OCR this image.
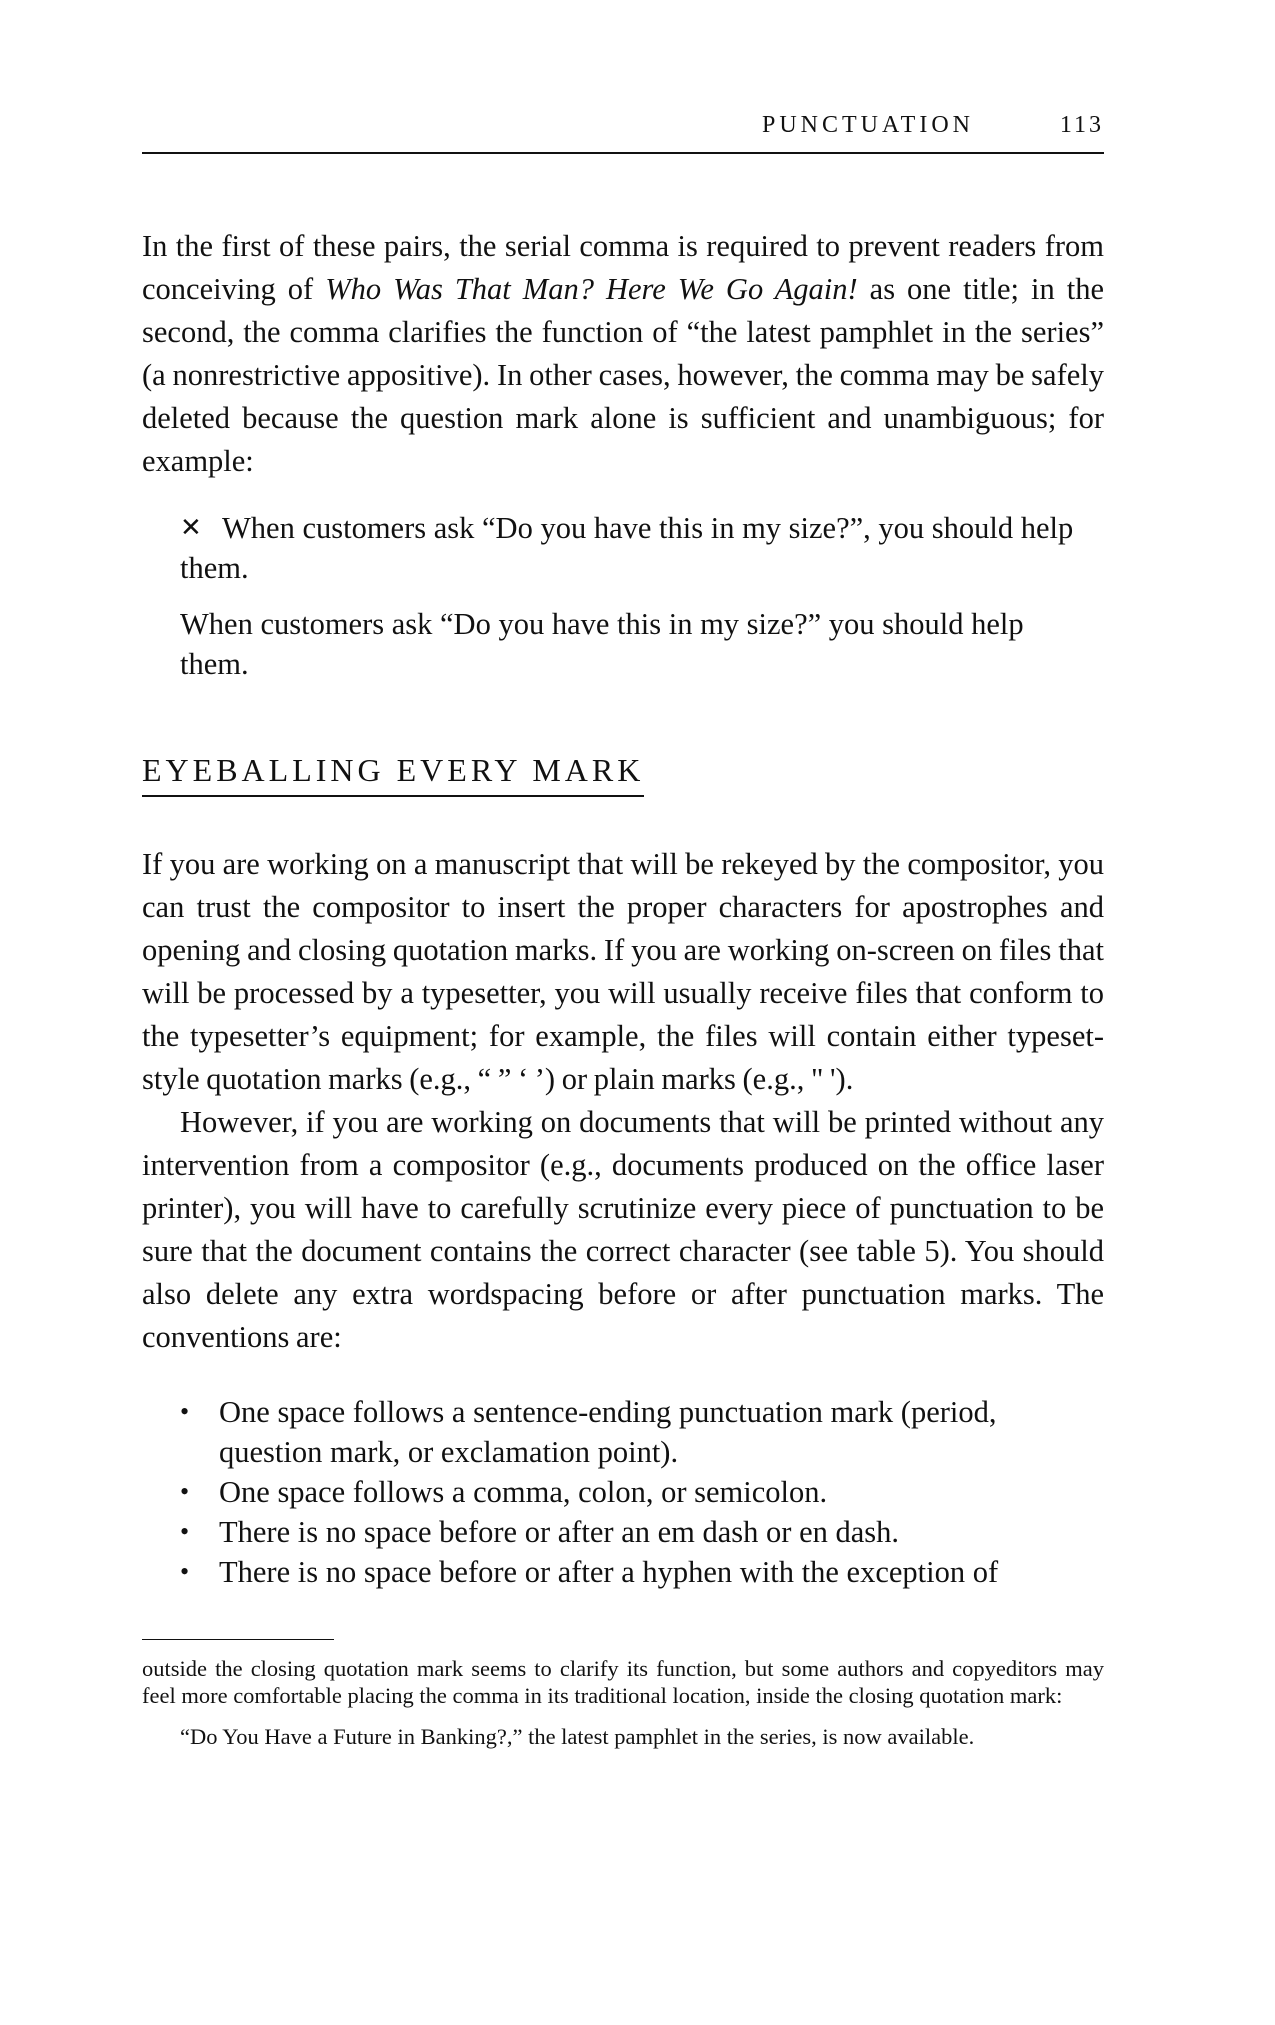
PUNCTUATION	113

In the first of these pairs, the serial comma is required to prevent readers from conceiving of Who Was That Man? Here We Go Again! as one title; in the second, the comma clarifies the function of “the latest pamphlet in the series” (a nonrestrictive appositive). In other cases, however, the comma may be safely deleted because the question mark alone is sufficient and unambiguous; for example:

✕ When customers ask “Do you have this in my size?”, you should help them.

When customers ask “Do you have this in my size?” you should help them.

EYEBALLING EVERY MARK

If you are working on a manuscript that will be rekeyed by the compositor, you can trust the compositor to insert the proper characters for apostrophes and opening and closing quotation marks. If you are working on-screen on files that will be processed by a typesetter, you will usually receive files that conform to the typesetter’s equipment; for example, the files will contain either typeset-style quotation marks (e.g., “ ” ‘ ’) or plain marks (e.g., " ').

However, if you are working on documents that will be printed without any intervention from a compositor (e.g., documents produced on the office laser printer), you will have to carefully scrutinize every piece of punctuation to be sure that the document contains the correct character (see table 5). You should also delete any extra wordspacing before or after punctuation marks. The conventions are:

• One space follows a sentence-ending punctuation mark (period, question mark, or exclamation point).
• One space follows a comma, colon, or semicolon.
• There is no space before or after an em dash or en dash.
• There is no space before or after a hyphen with the exception of

outside the closing quotation mark seems to clarify its function, but some authors and copyeditors may feel more comfortable placing the comma in its traditional location, inside the closing quotation mark:

“Do You Have a Future in Banking?,” the latest pamphlet in the series, is now available.
